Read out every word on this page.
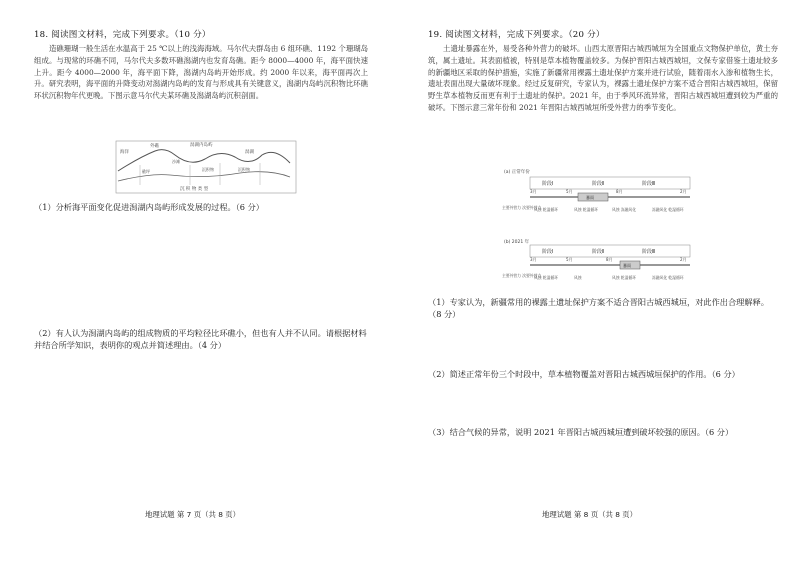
18. 阅读图文材料，完成下列要求。（10 分）
造礁珊瑚一般生活在水温高于 25 ℃以上的浅海海域。马尔代夫群岛由 6 组环礁、1192 个珊瑚岛组成。与现常的环礁不同，马尔代夫多数环礁潟湖内也发育岛礁。距今 8000—4000 年，海平面快速上升。距今 4000—2000 年，海平面下降，潟湖内岛屿开始形成。约 2000 年以来，海平面再次上升。研究表明，海平面的升降变动对潟湖内岛屿的发育与形成具有关键意义，潟湖内岛屿沉积物比环礁环状沉积物年代更晚。下图示意马尔代夫某环礁及潟湖岛屿沉积剖面。
海洋
外礁	潟湖内岛屿
沙滩
礁坪
潟湖
沉积物	沉积物
沉 积 物 类 型
（1）分析海平面变化促进潟湖内岛屿形成发展的过程。（6 分）
（2）有人认为潟湖内岛屿的组成物质的平均粒径比环礁小，但也有人并不认同。请根据材料并结合所学知识，表明你的观点并简述理由。（4 分）
地理试题 第 7 页（共 8 页）
19. 阅读图文材料，完成下列要求。（20 分）
土遗址暴露在外，易受各种外营力的破坏。山西太原晋阳古城西城垣为全国重点文物保护单位，黄土夯筑，属土遗址。其表面植被，特别是草本植物覆盖较多。为保护晋阳古城西城垣，文保专家借鉴土遗址较多的新疆地区采取的保护措施，实施了新疆常用裸露土遗址保护方案并进行试验，随着雨水入渗和植物生长，遗址表面出现大量破坏现象。经过反复研究，专家认为，裸露土遗址保护方案不适合晋阳古城西城垣，保留野生草本植物反而更有利于土遗址的保护。2021 年，由于季风环流异常，晋阳古城西城垣遭到较为严重的破坏。下图示意三常年份和 2021 年晋阳古城西城垣所受外营力的季节变化。
(a) 正常年份
阶段Ⅰ	阶段Ⅱ	阶段Ⅲ
暴雨
3月	5月	8月	2月
主要外营力 次要外营力
风蚀 乾湿循环	风蚀 乾湿循环	风蚀 冻融风化	冻融风化 乾湿循环
(b) 2021 年
阶段Ⅰ	阶段Ⅱ	阶段Ⅲ
暴雨
3月	5月	8月	2月
主要外营力 次要外营力
风蚀 乾湿循环	风蚀	风蚀 乾湿循环	冻融风化 乾湿循环
（1）专家认为，新疆常用的裸露土遗址保护方案不适合晋阳古城西城垣，对此作出合理解释。（8 分）
（2）简述正常年份三个时段中，草本植物覆盖对晋阳古城西城垣保护的作用。（6 分）
（3）结合气候的异常，说明 2021 年晋阳古城西城垣遭到破坏较强的原因。（6 分）
地理试题 第 8 页（共 8 页）
